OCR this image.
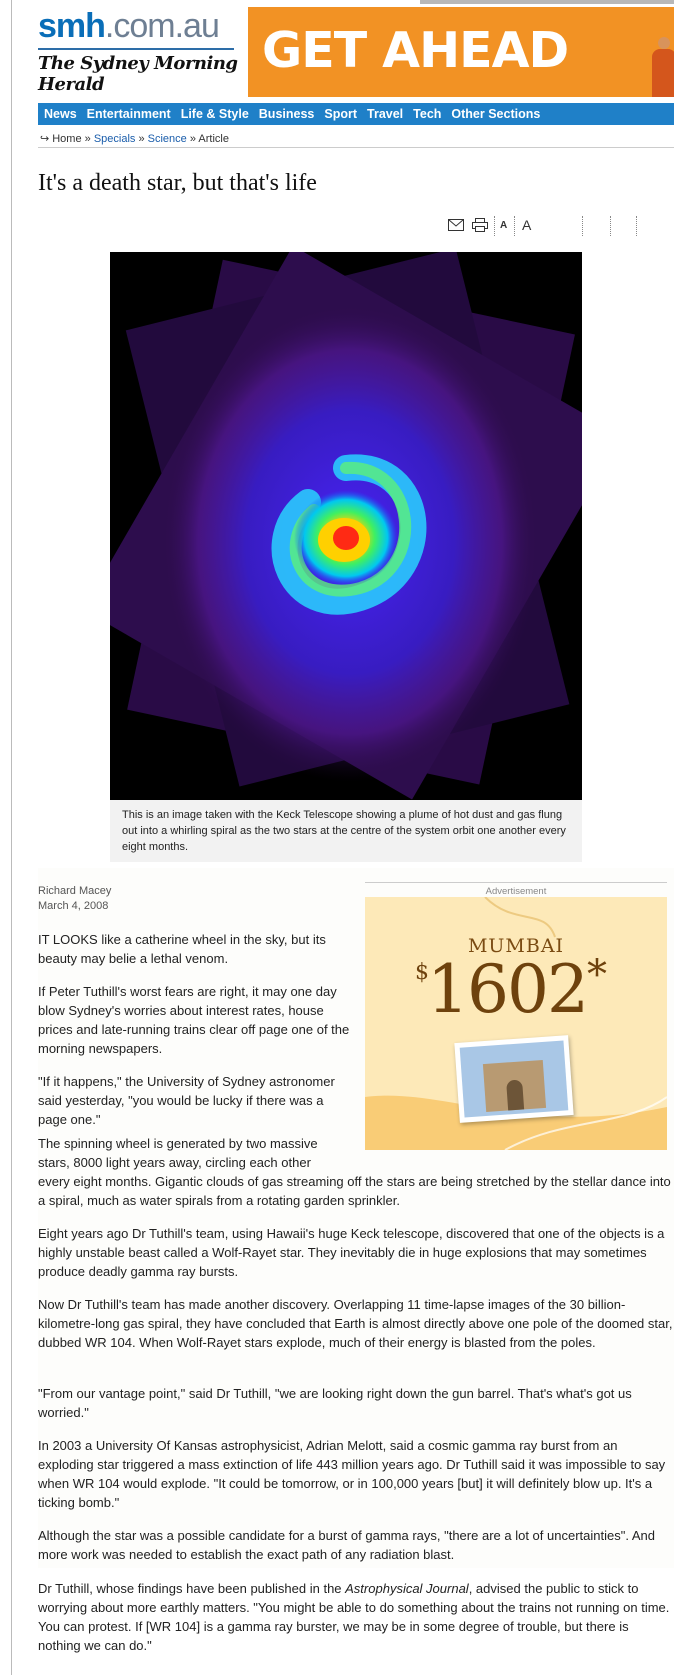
smh.com.au
The Sydney Morning Herald
GET AHEAD
News Entertainment Life & Style Business Sport Travel Tech Other Sections
↪ Home » Specials » Science » Article
It's a death star, but that's life
A A
This is an image taken with the Keck Telescope showing a plume of hot dust and gas flung out into a whirling spiral as the two stars at the centre of the system orbit one another every eight months.
Richard Macey
March 4, 2008
Advertisement
MUMBAI
$1602*

IT LOOKS like a catherine wheel in the sky, but its beauty may belie a lethal venom.

If Peter Tuthill's worst fears are right, it may one day blow Sydney's worries about interest rates, house prices and late-running trains clear off page one of the morning newspapers.

"If it happens," the University of Sydney astronomer said yesterday, "you would be lucky if there was a page one."

The spinning wheel is generated by two massive stars, 8000 light years away, circling each other

every eight months. Gigantic clouds of gas streaming off the stars are being stretched by the stellar dance into a spiral, much as water spirals from a rotating garden sprinkler.

Eight years ago Dr Tuthill's team, using Hawaii's huge Keck telescope, discovered that one of the objects is a highly unstable beast called a Wolf-Rayet star. They inevitably die in huge explosions that may sometimes produce deadly gamma ray bursts.

Now Dr Tuthill's team has made another discovery. Overlapping 11 time-lapse images of the 30 billion-kilometre-long gas spiral, they have concluded that Earth is almost directly above one pole of the doomed star, dubbed WR 104. When Wolf-Rayet stars explode, much of their energy is blasted from the poles.

"From our vantage point," said Dr Tuthill, "we are looking right down the gun barrel. That's what's got us worried."

In 2003 a University Of Kansas astrophysicist, Adrian Melott, said a cosmic gamma ray burst from an exploding star triggered a mass extinction of life 443 million years ago. Dr Tuthill said it was impossible to say when WR 104 would explode. "It could be tomorrow, or in 100,000 years [but] it will definitely blow up. It's a ticking bomb."

Although the star was a possible candidate for a burst of gamma rays, "there are a lot of uncertainties". And more work was needed to establish the exact path of any radiation blast.

Dr Tuthill, whose findings have been published in the Astrophysical Journal, advised the public to stick to worrying about more earthly matters. "You might be able to do something about the trains not running on time. You can protest. If [WR 104] is a gamma ray burster, we may be in some degree of trouble, but there is nothing we can do."
